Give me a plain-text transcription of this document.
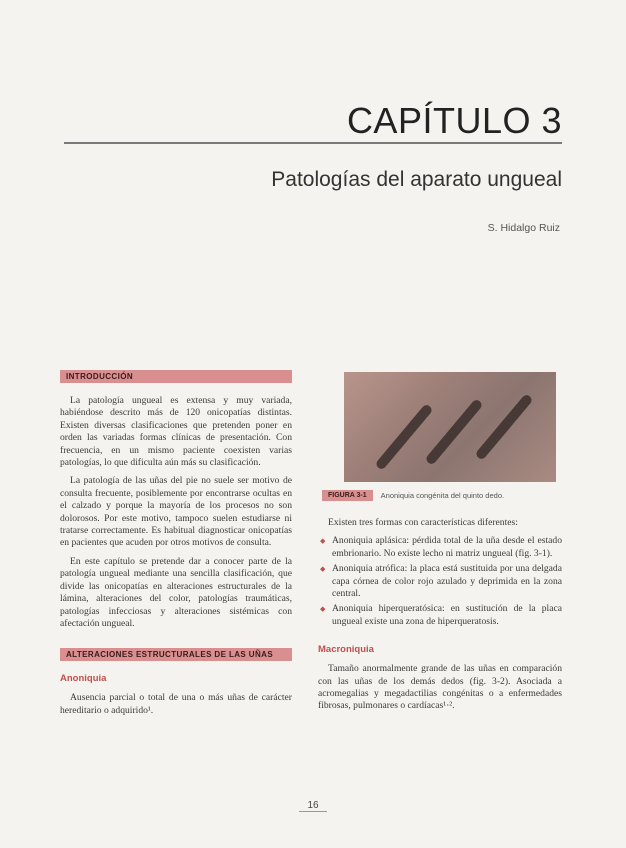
CAPÍTULO 3
Patologías del aparato ungueal
S. Hidalgo Ruiz
INTRODUCCIÓN

La patología ungueal es extensa y muy variada, habiéndose descrito más de 120 onicopatías distintas. Existen diversas clasificaciones que pretenden poner en orden las variadas formas clínicas de presentación. Con frecuencia, en un mismo paciente coexisten varias patologías, lo que dificulta aún más su clasificación.

La patología de las uñas del pie no suele ser motivo de consulta frecuente, posiblemente por encontrarse ocultas en el calzado y porque la mayoría de los procesos no son dolorosos. Por este motivo, tampoco suelen estudiarse ni tratarse correctamente. Es habitual diagnosticar onicopatías en pacientes que acuden por otros motivos de consulta.

En este capítulo se pretende dar a conocer parte de la patología ungueal mediante una sencilla clasificación, que divide las onicopatías en alteraciones estructurales de la lámina, alteraciones del color, patologías traumáticas, patologías infecciosas y alteraciones sistémicas con afectación ungueal.

ALTERACIONES ESTRUCTURALES DE LAS UÑAS
Anoniquia

Ausencia parcial o total de una o más uñas de carácter hereditario o adquirido¹.

FIGURA 3-1	Anoniquia congénita del quinto dedo.

Existen tres formas con características diferentes:

◆ Anoniquia aplásica: pérdida total de la uña desde el estado embrionario. No existe lecho ni matriz ungueal (fig. 3-1).
◆ Anoniquia atrófica: la placa está sustituida por una delgada capa córnea de color rojo azulado y deprimida en la zona central.
◆ Anoniquia hiperqueratósica: en sustitución de la placa ungueal existe una zona de hiperqueratosis.
Macroniquia

Tamaño anormalmente grande de las uñas en comparación con las uñas de los demás dedos (fig. 3-2). Asociada a acromegalias y megadactilias congénitas o a enfermedades fibrosas, pulmonares o cardíacas¹·².

16
